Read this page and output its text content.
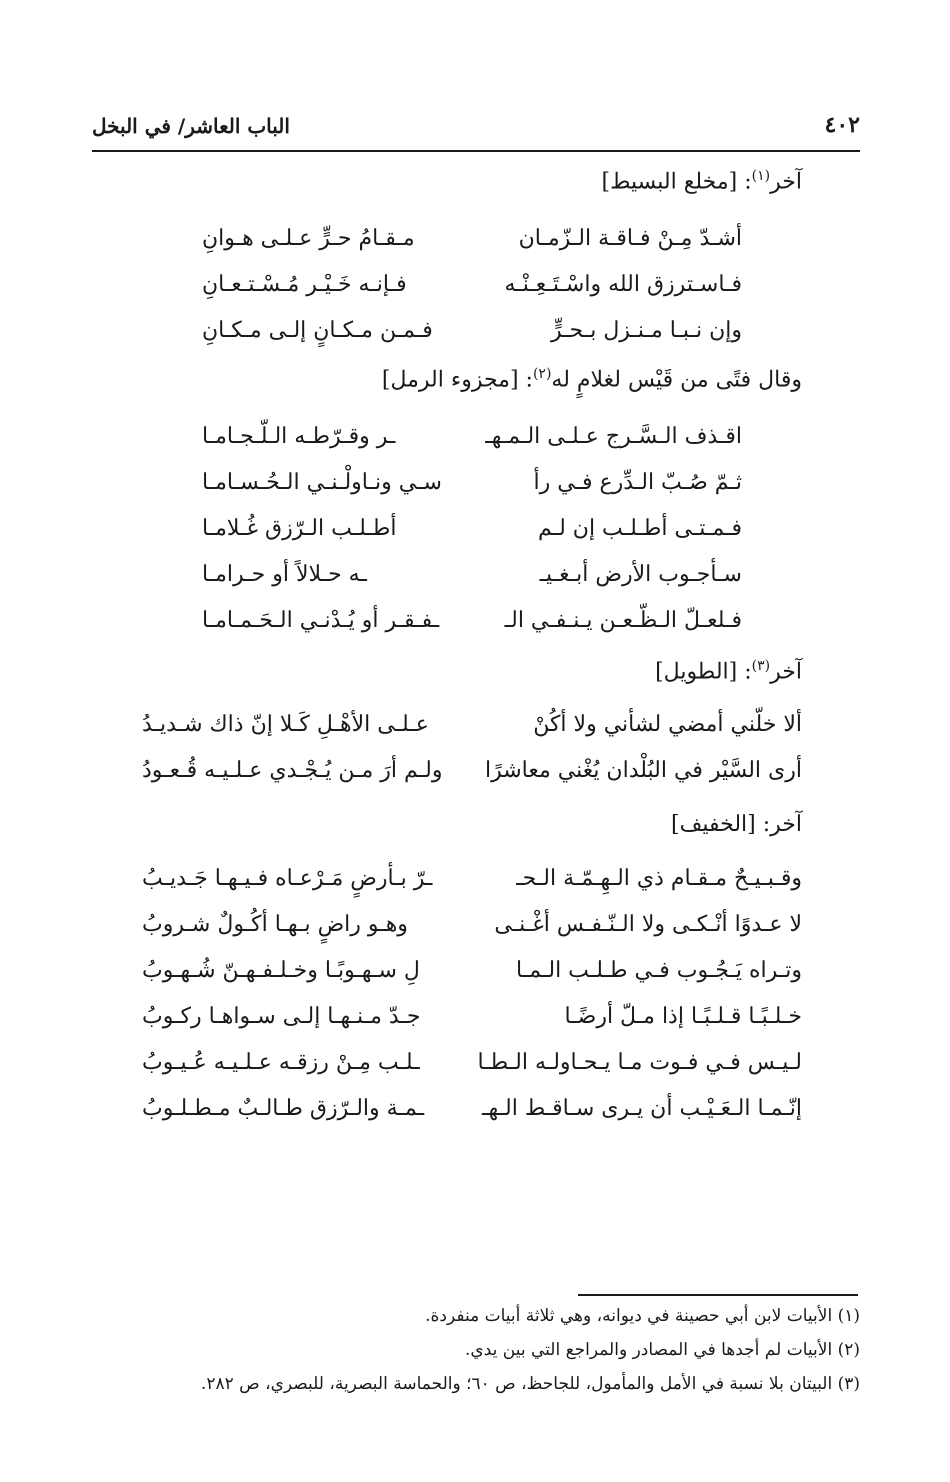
٤٠٢
الباب العاشر/ في البخل
آخر$^{(١)}$: [مخلع البسيط]
أشـدّ مِـنْ فـاقـة الـزّمـان
مـقـامُ حـرٍّ عـلـى هـوانِ
فـاسـترزق الله واسْـتَـعِـنْـه
فـإنـه خَـيْـر مُـسْـتـعـانِ
وإن نـبـا مـنـزل بـحـرٍّ
فـمـن مـكـانٍ إلـى مـكـانِ
وقال فتًى من قَيْس لغلامٍ له$^{(٢)}$: [مجزوء الرمل]
اقـذف الـسَّـرج عـلـى الـمـهـ
ـر وقـرّطـه الـلّـجـامـا
ثـمّ صُـبّ الـدِّرع فـي رأ
سـي ونـاولْـنـي الـحُـسـامـا
فـمـتـى أطـلـب إن لـم
أطـلـب الـرّزق غُـلامـا
سـأجـوب الأرض أبـغـيـ
ـه حـلالاً أو حـرامـا
فـلعـلّ الـظّـعـن يـنـفـي الـ
ـفـقـر أو يُـدْنـي الـحَـمـامـا
آخر$^{(٣)}$: [الطويل]
ألا خلّني أمضي لشأني ولا أكُنْ
عـلـى الأهْـلِ كَـلا إنّ ذاك شـديـدُ
أرى السَّيْر في البُلْدان يُغْني معاشرًا
ولـم أرَ مـن يُـجْـدي عـلـيـه قُـعـودُ
آخر: [الخفيف]
وقـبـيـحٌ مـقـام ذي الـهِـمّـة الـحـ
ـرّ بـأرضٍ مَـرْعـاه فـيـهـا جَـديـبُ
لا عـدوًا أنْـكـى ولا الـنّـفـس أغْـنـى
وهـو راضٍ بـهـا أكُـولٌ شـروبُ
وتـراه يَـجُـوب فـي طـلـب الـمـا
لِ سـهـوبًـا وخـلـفـهـنّ شُـهـوبُ
خـلـبًـا قـلـبًـا إذا مـلّ أرضًـا
جـدّ مـنـهـا إلـى سـواهـا ركـوبُ
لـيـس فـي فـوت مـا يـحـاولـه الـطـا
ـلـب مِـنْ رزقـه عـلـيـه عُـيـوبُ
إنّـمـا الـعَـيْـب أن يـرى سـاقـط الـهـ
ـمـة والـرّزق طـالـبٌ مـطـلـوبُ
(١) الأبيات لابن أبي حصينة في ديوانه، وهي ثلاثة أبيات منفردة.
(٢) الأبيات لم أجدها في المصادر والمراجع التي بين يدي.
(٣) البيتان بلا نسبة في الأمل والمأمول، للجاحظ، ص ٦٠؛ والحماسة البصرية، للبصري، ص ٢٨٢.
